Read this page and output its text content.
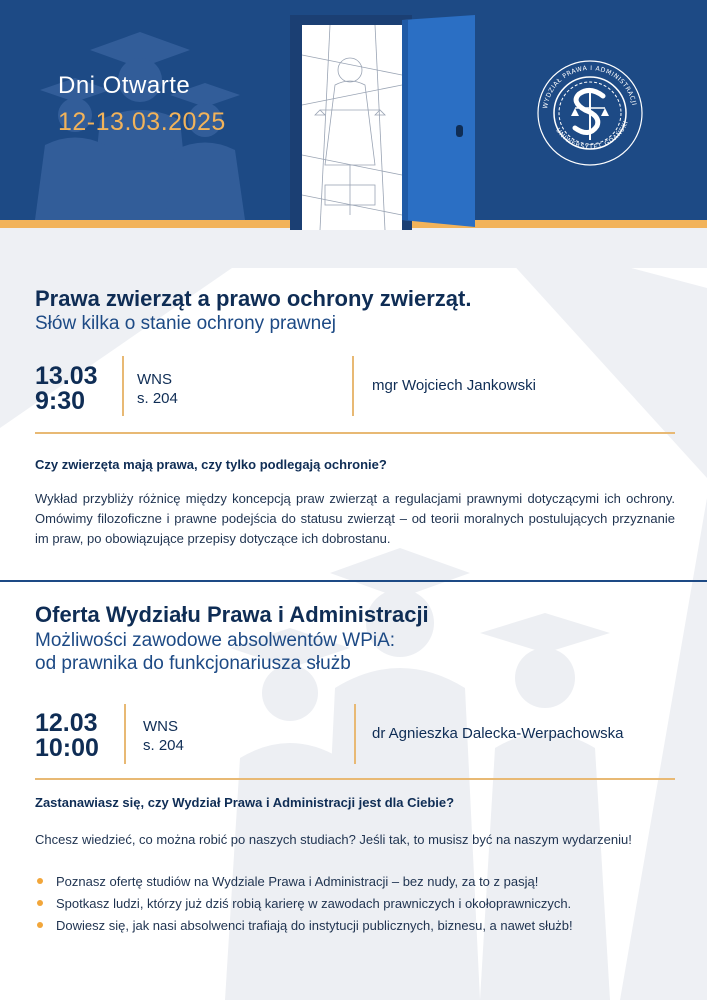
Dni Otwarte
12-13.03.2025
WYDZIAŁ PRAWA I ADMINISTRACJI
UNIWERSYTET GDAŃSKI
Prawa zwierząt a prawo ochrony zwierząt.
Słów kilka o stanie ochrony prawnej
13.03
9:30
WNS
s. 204
mgr Wojciech Jankowski
Czy zwierzęta mają prawa, czy tylko podlegają ochronie?
Wykład przybliży różnicę między koncepcją praw zwierząt a regulacjami prawnymi dotyczącymi ich ochrony. Omówimy filozoficzne i prawne podejścia do statusu zwierząt – od teorii moralnych postulujących przyznanie im praw, po obowiązujące przepisy dotyczące ich dobrostanu.
Oferta Wydziału Prawa i Administracji
Możliwości zawodowe absolwentów WPiA:
od prawnika do funkcjonariusza służb
12.03
10:00
WNS
s. 204
dr Agnieszka Dalecka-Werpachowska
Zastanawiasz się, czy Wydział Prawa i Administracji jest dla Ciebie?
Chcesz wiedzieć, co można robić po naszych studiach? Jeśli tak, to musisz być na naszym wydarzeniu!
Poznasz ofertę studiów na Wydziale Prawa i Administracji – bez nudy, za to z pasją!
Spotkasz ludzi, którzy już dziś robią karierę w zawodach prawniczych i okołoprawniczych.
Dowiesz się, jak nasi absolwenci trafiają do instytucji publicznych, biznesu, a nawet służb!
